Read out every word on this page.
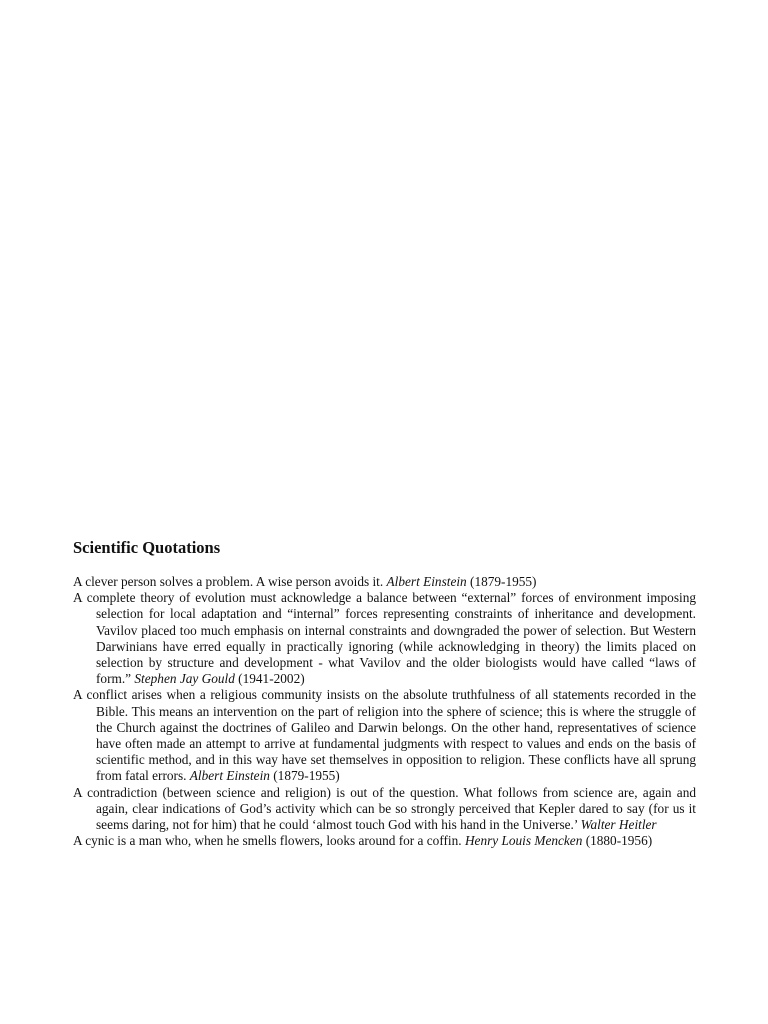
Scientific Quotations
A clever person solves a problem. A wise person avoids it. Albert Einstein (1879-1955)
A complete theory of evolution must acknowledge a balance between “external” forces of environment imposing selection for local adaptation and “internal” forces representing constraints of inheritance and development. Vavilov placed too much emphasis on internal constraints and downgraded the power of selection. But Western Darwinians have erred equally in practically ignoring (while acknowledging in theory) the limits placed on selection by structure and development - what Vavilov and the older biologists would have called “laws of form.” Stephen Jay Gould (1941-2002)
A conflict arises when a religious community insists on the absolute truthfulness of all statements recorded in the Bible. This means an intervention on the part of religion into the sphere of science; this is where the struggle of the Church against the doctrines of Galileo and Darwin belongs. On the other hand, representatives of science have often made an attempt to arrive at fundamental judgments with respect to values and ends on the basis of scientific method, and in this way have set themselves in opposition to religion. These conflicts have all sprung from fatal errors. Albert Einstein (1879-1955)
A contradiction (between science and religion) is out of the question. What follows from science are, again and again, clear indications of God’s activity which can be so strongly perceived that Kepler dared to say (for us it seems daring, not for him) that he could ‘almost touch God with his hand in the Universe.’ Walter Heitler
A cynic is a man who, when he smells flowers, looks around for a coffin. Henry Louis Mencken (1880-1956)
